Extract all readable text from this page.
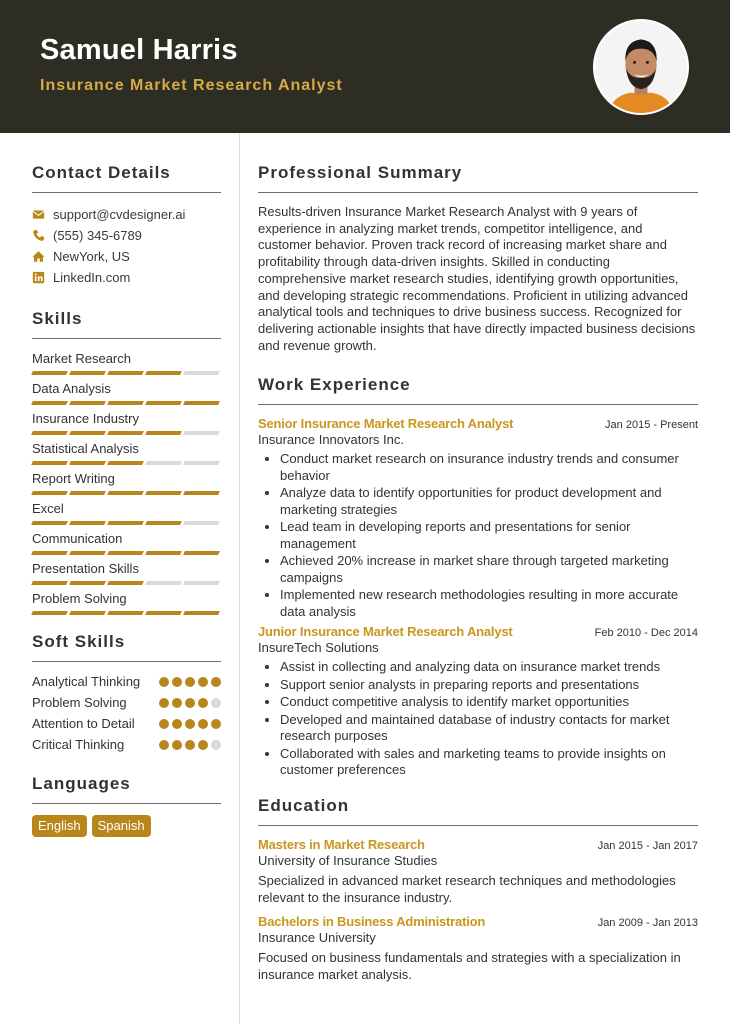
Samuel Harris
Insurance Market Research Analyst
Contact Details
support@cvdesigner.ai
(555) 345-6789
NewYork, US
LinkedIn.com
Skills
Market Research
Data Analysis
Insurance Industry
Statistical Analysis
Report Writing
Excel
Communication
Presentation Skills
Problem Solving
Soft Skills
Analytical Thinking
Problem Solving
Attention to Detail
Critical Thinking
Languages
English	Spanish
Professional Summary

Results-driven Insurance Market Research Analyst with 9 years of experience in analyzing market trends, competitor intelligence, and customer behavior. Proven track record of increasing market share and profitability through data-driven insights. Skilled in conducting comprehensive market research studies, identifying growth opportunities, and developing strategic recommendations. Proficient in utilizing advanced analytical tools and techniques to drive business success. Recognized for delivering actionable insights that have directly impacted business decisions and revenue growth.

Work Experience
Senior Insurance Market Research Analyst	Jan 2015 - Present
Insurance Innovators Inc.
• Conduct market research on insurance industry trends and consumer behavior
• Analyze data to identify opportunities for product development and marketing strategies
• Lead team in developing reports and presentations for senior management
• Achieved 20% increase in market share through targeted marketing campaigns
• Implemented new research methodologies resulting in more accurate data analysis
Junior Insurance Market Research Analyst	Feb 2010 - Dec 2014
InsureTech Solutions
• Assist in collecting and analyzing data on insurance market trends
• Support senior analysts in preparing reports and presentations
• Conduct competitive analysis to identify market opportunities
• Developed and maintained database of industry contacts for market research purposes
• Collaborated with sales and marketing teams to provide insights on customer preferences
Education
Masters in Market Research	Jan 2015 - Jan 2017
University of Insurance Studies
Specialized in advanced market research techniques and methodologies relevant to the insurance industry.
Bachelors in Business Administration	Jan 2009 - Jan 2013
Insurance University
Focused on business fundamentals and strategies with a specialization in insurance market analysis.
